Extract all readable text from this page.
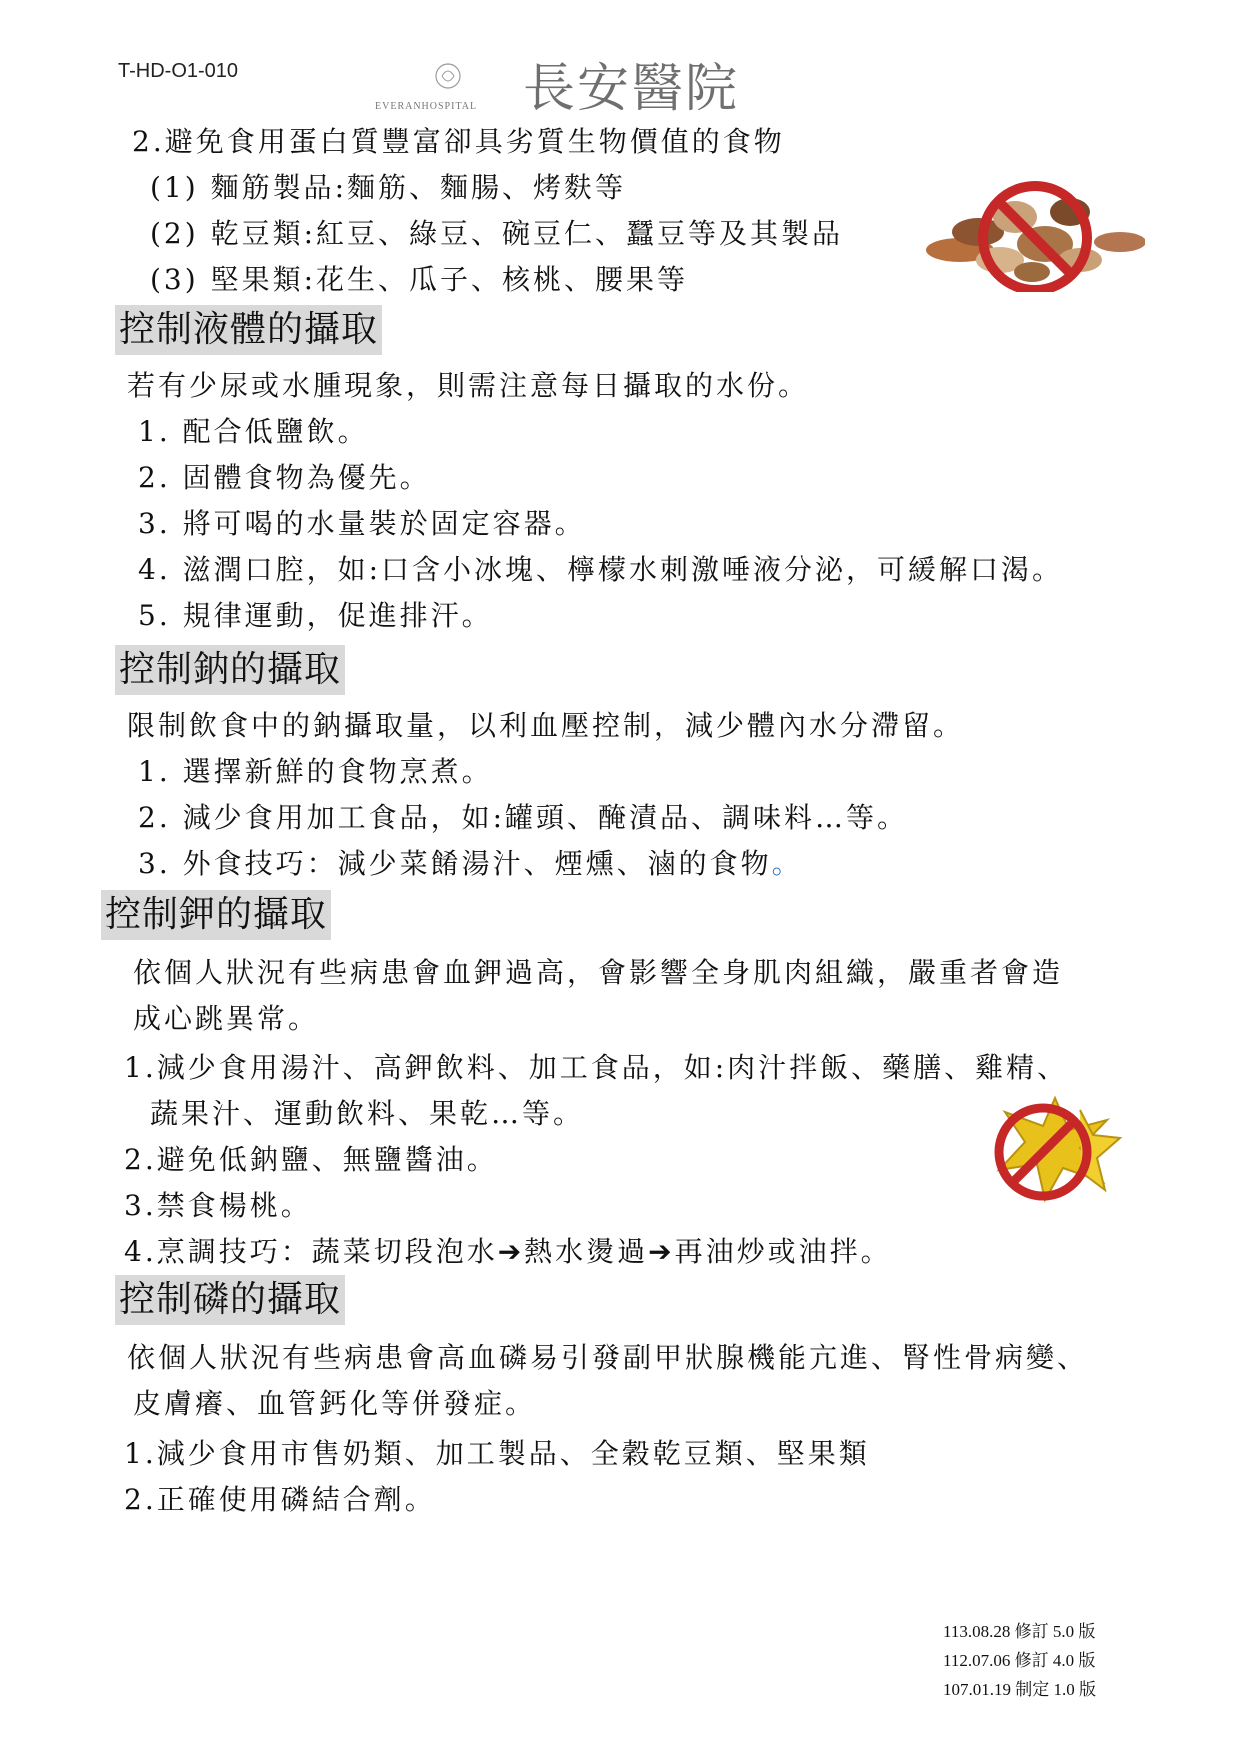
T-HD-O1-010
EVERANHOSPITAL 長安醫院
2.避免食用蛋白質豐富卻具劣質生物價值的食物
(1) 麵筋製品:麵筋、麵腸、烤麩等
(2) 乾豆類:紅豆、綠豆、碗豆仁、蠶豆等及其製品
(3) 堅果類:花生、瓜子、核桃、腰果等
控制液體的攝取
若有少尿或水腫現象，則需注意每日攝取的水份。
1. 配合低鹽飲。
2. 固體食物為優先。
3. 將可喝的水量裝於固定容器。
4. 滋潤口腔，如:口含小冰塊、檸檬水刺激唾液分泌，可緩解口渴。
5. 規律運動，促進排汗。
控制鈉的攝取
限制飲食中的鈉攝取量，以利血壓控制，減少體內水分滯留。
1. 選擇新鮮的食物烹煮。
2. 減少食用加工食品，如:罐頭、醃漬品、調味料…等。
3. 外食技巧：減少菜餚湯汁、煙燻、滷的食物。
控制鉀的攝取
依個人狀況有些病患會血鉀過高，會影響全身肌肉組織，嚴重者會造
成心跳異常。
1.減少食用湯汁、高鉀飲料、加工食品，如:肉汁拌飯、藥膳、雞精、
蔬果汁、運動飲料、果乾…等。
2.避免低鈉鹽、無鹽醬油。
3.禁食楊桃。
4.烹調技巧：蔬菜切段泡水➔熱水燙過➔再油炒或油拌。
控制磷的攝取
依個人狀況有些病患會高血磷易引發副甲狀腺機能亢進、腎性骨病變、
皮膚癢、血管鈣化等併發症。
1.減少食用市售奶類、加工製品、全穀乾豆類、堅果類
2.正確使用磷結合劑。
113.08.28 修訂 5.0 版
112.07.06 修訂 4.0 版
107.01.19 制定 1.0 版
